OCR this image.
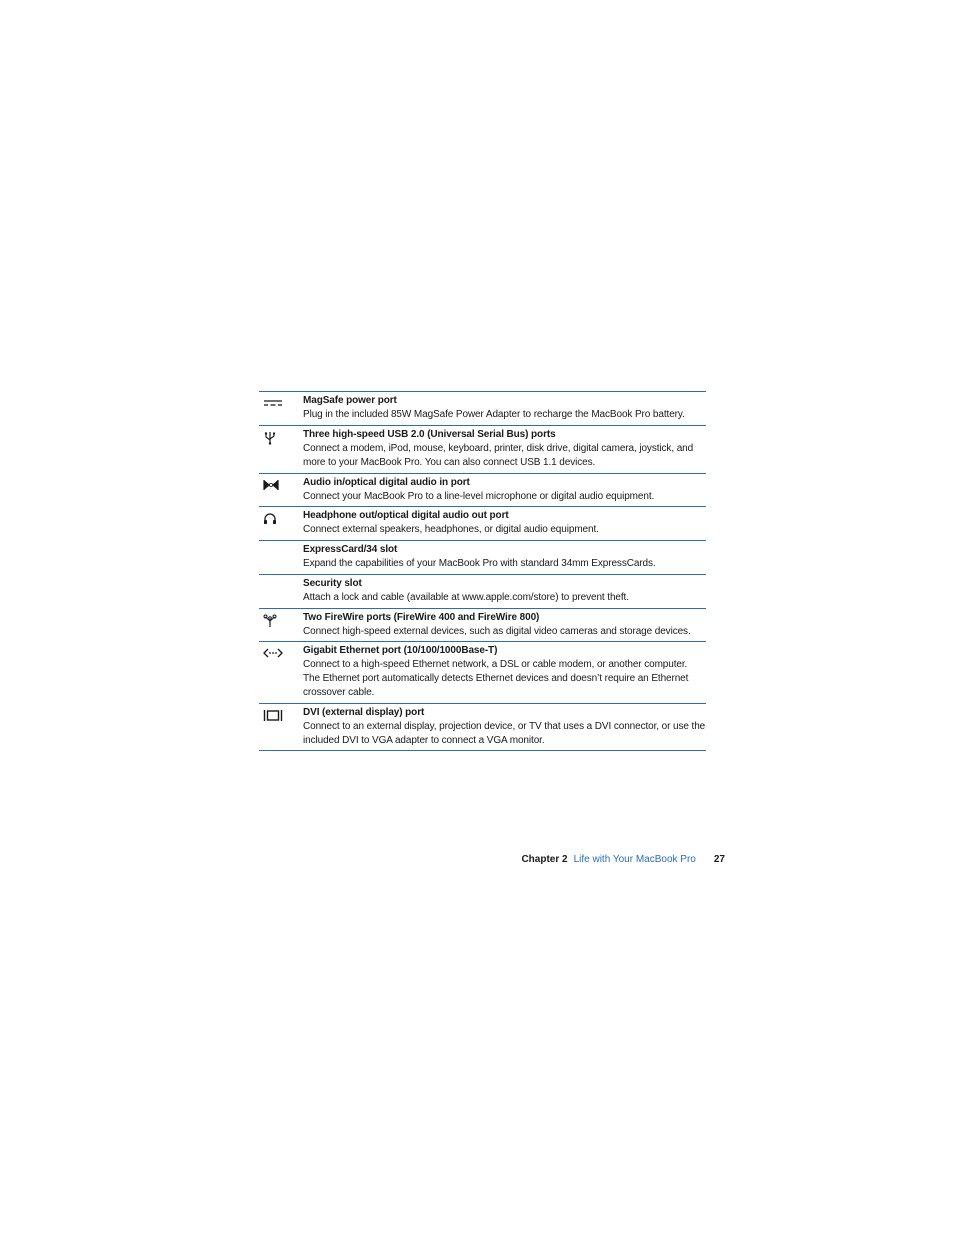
MagSafe power port
Plug in the included 85W MagSafe Power Adapter to recharge the MacBook Pro battery.
Three high-speed USB 2.0 (Universal Serial Bus) ports
Connect a modem, iPod, mouse, keyboard, printer, disk drive, digital camera, joystick, and more to your MacBook Pro. You can also connect USB 1.1 devices.
Audio in/optical digital audio in port
Connect your MacBook Pro to a line-level microphone or digital audio equipment.
Headphone out/optical digital audio out port
Connect external speakers, headphones, or digital audio equipment.
ExpressCard/34 slot
Expand the capabilities of your MacBook Pro with standard 34mm ExpressCards.
Security slot
Attach a lock and cable (available at www.apple.com/store) to prevent theft.
Two FireWire ports (FireWire 400 and FireWire 800)
Connect high-speed external devices, such as digital video cameras and storage devices.
Gigabit Ethernet port (10/100/1000Base-T)
Connect to a high-speed Ethernet network, a DSL or cable modem, or another computer. The Ethernet port automatically detects Ethernet devices and doesn’t require an Ethernet crossover cable.
DVI (external display) port
Connect to an external display, projection device, or TV that uses a DVI connector, or use the included DVI to VGA adapter to connect a VGA monitor.
Chapter 2 Life with Your MacBook Pro 27
